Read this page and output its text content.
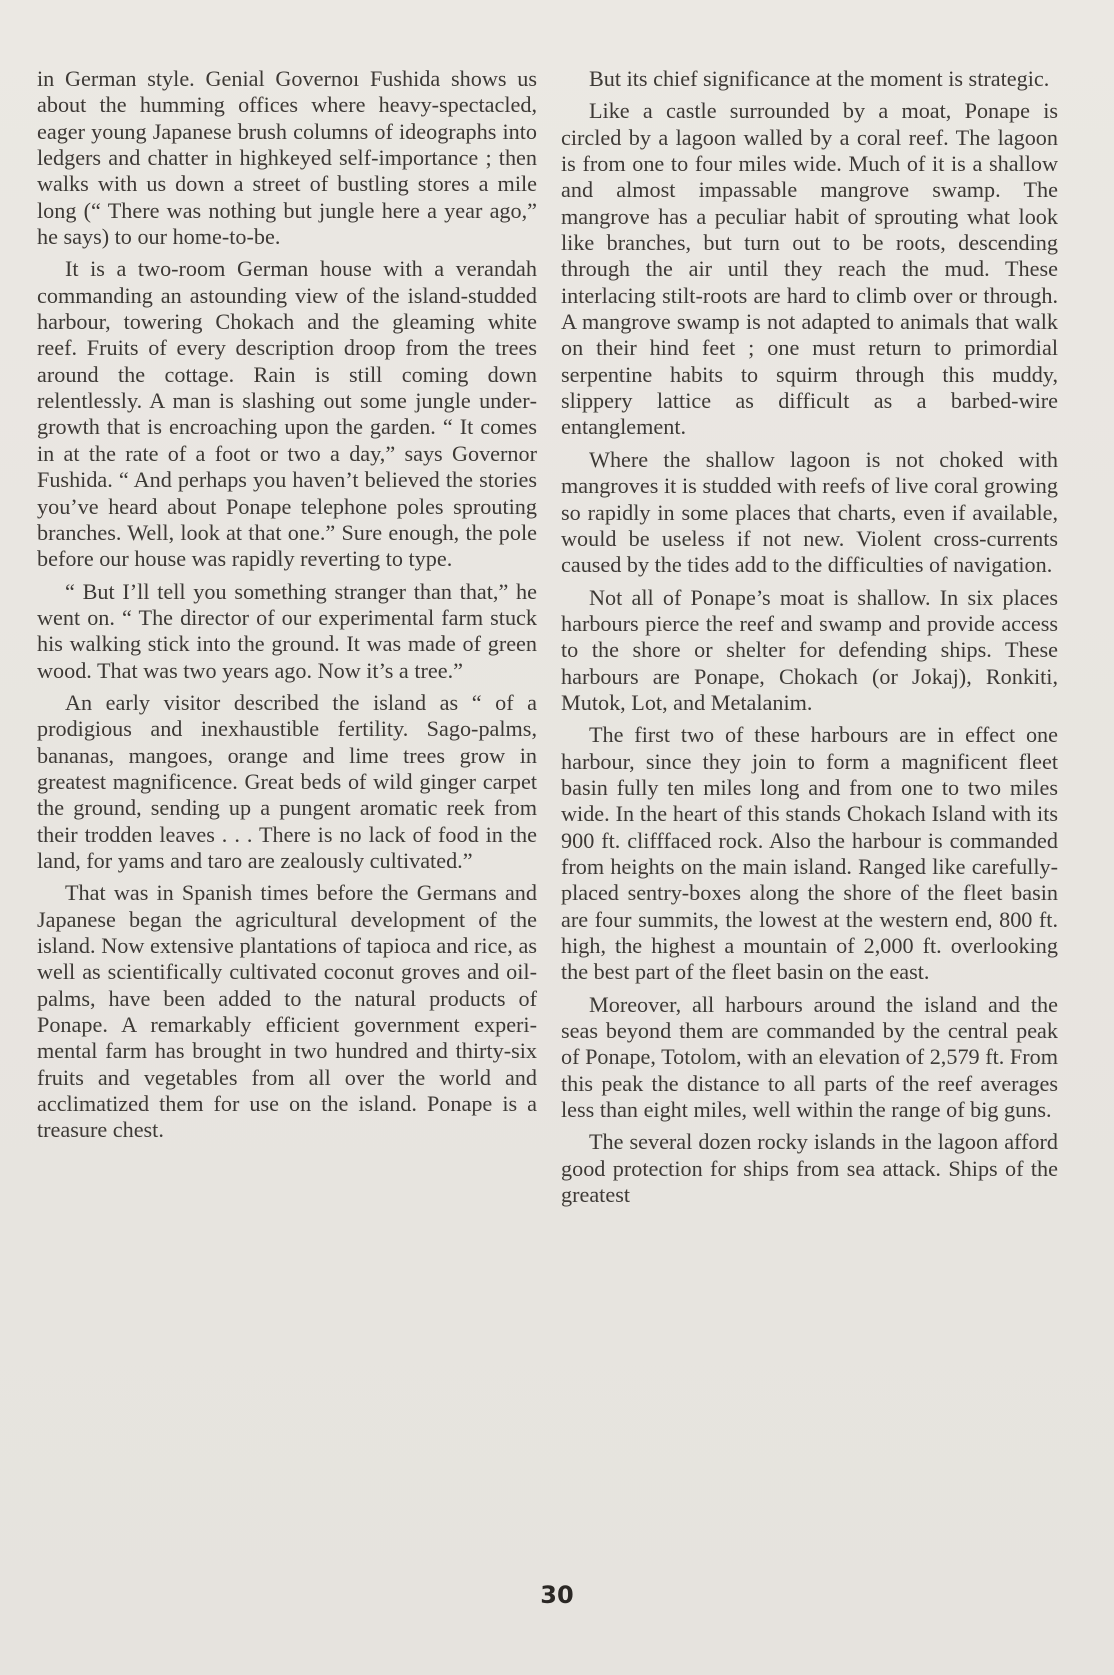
in German style. Genial Governoı Fushida shows us about the humming offices where heavy-spectacled, eager young Japanese brush columns of ideographs into ledgers and chatter in highkeyed self-importance ; then walks with us down a street of bustling stores a mile long (“ There was nothing but jungle here a year ago,” he says) to our home-to-be.

It is a two-room German house with a verandah commanding an astounding view of the island-studded harbour, towering Chokach and the gleaming white reef. Fruits of every description droop from the trees around the cottage. Rain is still coming down relentlessly. A man is slashing out some jungle undergrowth that is encroaching upon the garden. “ It comes in at the rate of a foot or two a day,” says Governor Fushida. “ And perhaps you haven’t believed the stories you’ve heard about Ponape telephone poles sprouting branches. Well, look at that one.” Sure enough, the pole before our house was rapidly reverting to type.

“ But I’ll tell you something stranger than that,” he went on. “ The director of our experimental farm stuck his walking stick into the ground. It was made of green wood. That was two years ago. Now it’s a tree.”

An early visitor described the island as “ of a prodigious and inexhaustible fertility. Sago-palms, bananas, mangoes, orange and lime trees grow in greatest magnificence. Great beds of wild ginger carpet the ground, sending up a pungent aromatic reek from their trodden leaves . . . There is no lack of food in the land, for yams and taro are zealously cultivated.”

That was in Spanish times before the Germans and Japanese began the agricultural development of the island. Now extensive plantations of tapioca and rice, as well as scientifically cultivated coconut groves and oil-palms, have been added to the natural products of Ponape. A remarkably efficient government experimental farm has brought in two hundred and thirty-six fruits and vegetables from all over the world and acclimatized them for use on the island. Ponape is a treasure chest.

But its chief significance at the moment is strategic.

Like a castle surrounded by a moat, Ponape is circled by a lagoon walled by a coral reef. The lagoon is from one to four miles wide. Much of it is a shallow and almost impassable mangrove swamp. The mangrove has a peculiar habit of sprouting what look like branches, but turn out to be roots, descending through the air until they reach the mud. These interlacing stilt-roots are hard to climb over or through. A mangrove swamp is not adapted to animals that walk on their hind feet ; one must return to primordial serpentine habits to squirm through this muddy, slippery lattice as difficult as a barbed-wire entanglement.

Where the shallow lagoon is not choked with mangroves it is studded with reefs of live coral growing so rapidly in some places that charts, even if available, would be useless if not new. Violent cross-currents caused by the tides add to the difficulties of navigation.

Not all of Ponape’s moat is shallow. In six places harbours pierce the reef and swamp and provide access to the shore or shelter for defending ships. These harbours are Ponape, Chokach (or Jokaj), Ronkiti, Mutok, Lot, and Metalanim.

The first two of these harbours are in effect one harbour, since they join to form a magnificent fleet basin fully ten miles long and from one to two miles wide. In the heart of this stands Chokach Island with its 900 ft. clifffaced rock. Also the harbour is commanded from heights on the main island. Ranged like carefully-placed sentry-boxes along the shore of the fleet basin are four summits, the lowest at the western end, 800 ft. high, the highest a mountain of 2,000 ft. overlooking the best part of the fleet basin on the east.

Moreover, all harbours around the island and the seas beyond them are commanded by the central peak of Ponape, Totolom, with an elevation of 2,579 ft. From this peak the distance to all parts of the reef averages less than eight miles, well within the range of big guns.

The several dozen rocky islands in the lagoon afford good protection for ships from sea attack. Ships of the greatest

30
